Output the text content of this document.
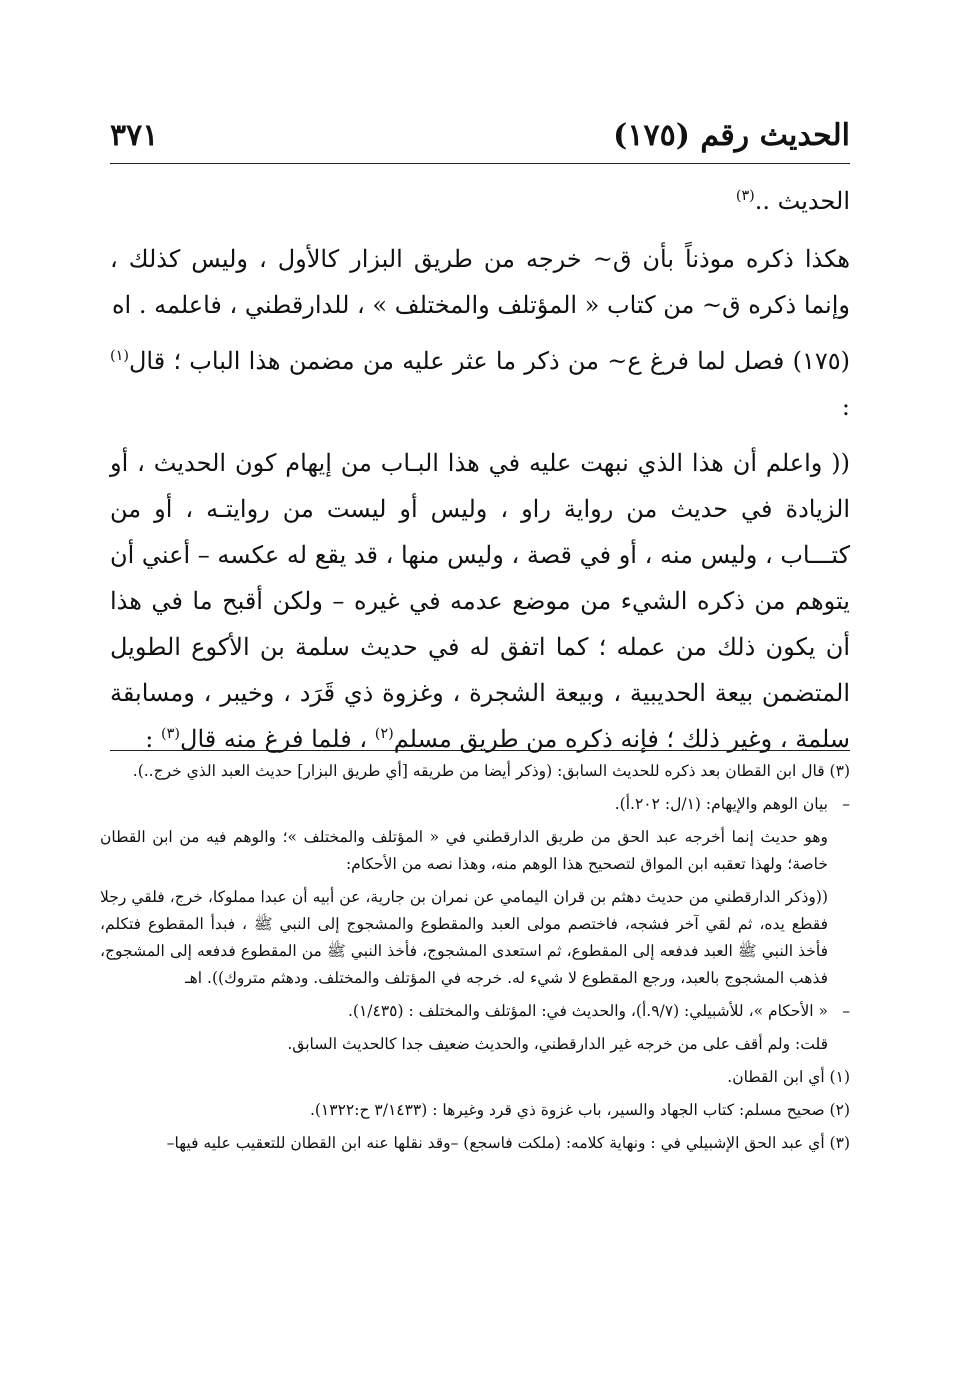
الحديث رقم (١٧٥)
٣٧١

الحديث ..$^{(٣)}$

هكذا ذكره موذناً بأن ق~ خرجه من طريق البزار كالأول ، وليس كذلك ، وإنما ذكره ق~ من كتاب « المؤتلف والمختلف » ، للدارقطني ، فاعلمه . اه

(١٧٥) فصل لما فرغ ع~ من ذكر ما عثر عليه من مضمن هذا الباب ؛ قال$^{(١)}$ :

(( واعلم أن هذا الذي نبهت عليه في هذا البـاب من إيهام كون الحديث ، أو الزيادة في حديث من رواية راو ، وليس أو ليست من روايتـه ، أو من كتـــاب ، وليس منه ، أو في قصة ، وليس منها ، قد يقع له عكسه – أعني أن يتوهم من ذكره الشيء من موضع عدمه في غيره – ولكن أقبح ما في هذا أن يكون ذلك من عمله ؛ كما اتفق له في حديث سلمة بن الأكوع الطويل المتضمن بيعة الحديبية ، وبيعة الشجرة ، وغزوة ذي قَرَد ، وخيبر ، ومسابقة سلمة ، وغير ذلك ؛ فإنه ذكره من طريق مسلم$^{(٢)}$ ، فلما فرغ منه قال$^{(٣)}$ :

(٣) قال ابن القطان بعد ذكره للحديث السابق: (وذكر أيضا من طريقه [أي طريق البزار] حديث العبد الذي خرج..).

– بيان الوهم والإيهام: (١/ل: ٢٠٢.أ).

وهو حديث إنما أخرجه عبد الحق من طريق الدارقطني في « المؤتلف والمختلف »؛ والوهم فيه من ابن القطان خاصة؛ ولهذا تعقبه ابن المواق لتصحيح هذا الوهم منه، وهذا نصه من الأحكام:

((وذكر الدارقطني من حديث دهثم بن قران اليمامي عن نمران بن جارية، عن أبيه أن عبدا مملوكا، خرج، فلقي رجلا فقطع يده، ثم لقي آخر فشجه، فاختصم مولى العبد والمقطوع والمشجوج إلى النبي ﷺ ، فبدأ المقطوع فتكلم، فأخذ النبي ﷺ العبد فدفعه إلى المقطوع، ثم استعدى المشجوج، فأخذ النبي ﷺ من المقطوع فدفعه إلى المشجوج، فذهب المشجوج بالعبد، ورجع المقطوع لا شيء له. خرجه في المؤتلف والمختلف. ودهثم متروك)). اهـ

– « الأحكام »، للأشبيلي: (٩/٧.أ)، والحديث في: المؤتلف والمختلف : (١/٤٣٥).

قلت: ولم أقف على من خرجه غير الدارقطني، والحديث ضعيف جدا كالحديث السابق.

(١) أي ابن القطان.

(٢) صحيح مسلم: كتاب الجهاد والسير، باب غزوة ذي قرد وغيرها : (٣/١٤٣٣ ح:١٣٢٢).

(٣) أي عبد الحق الإشبيلي في : ونهاية كلامه: (ملكت فاسجع) –وقد نقلها عنه ابن القطان للتعقيب عليه فيها–
